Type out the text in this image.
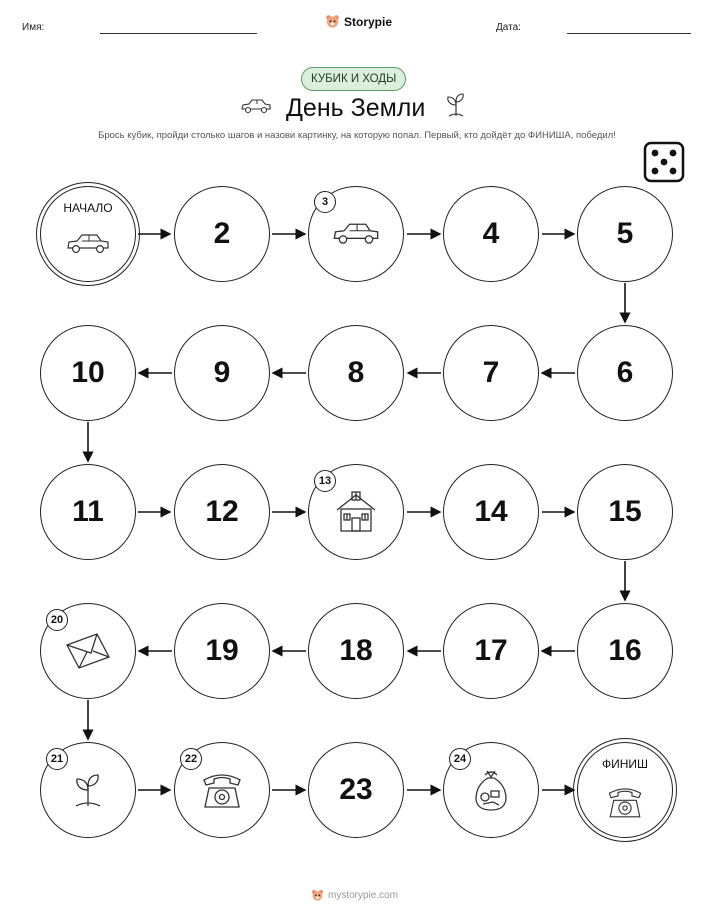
Имя:	Storypie	Дата:
КУБИК И ХОДЫ
День Земли
Брось кубик, пройди столько шагов и назови картинку, на которую попал. Первый, кто дойдёт до ФИНИША, победил!
НАЧАЛО
2
3
4	5
6
7
8
9
10
11	12
13
14	15
16
17
18
19
20
21	22
23
24	ФИНИШ
mystorypie.com
